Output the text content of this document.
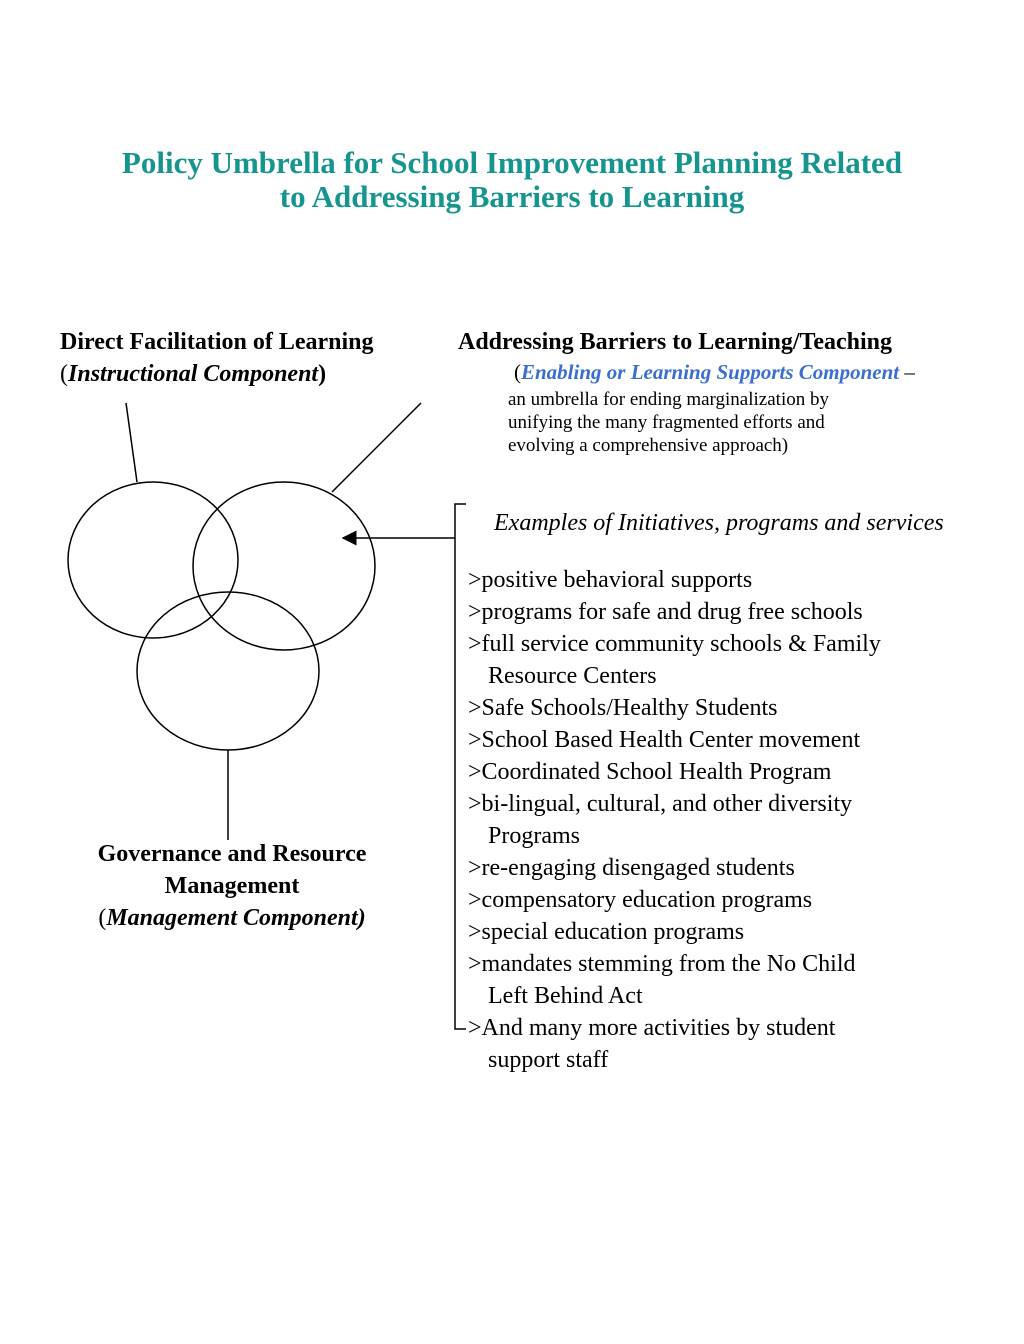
Policy Umbrella for School Improvement Planning Related
to Addressing Barriers to Learning
Direct Facilitation of Learning
(Instructional Component)
Addressing Barriers to Learning/Teaching
(Enabling or Learning Supports Component –
an umbrella for ending marginalization by
unifying the many fragmented efforts and
evolving a comprehensive approach)
Governance and Resource
Management
(Management Component)
Examples of Initiatives, programs and services
>positive behavioral supports
>programs for safe and drug free schools
>full service community schools & Family
Resource Centers
>Safe Schools/Healthy Students
>School Based Health Center movement
>Coordinated School Health Program
>bi-lingual, cultural, and other diversity
Programs
>re-engaging disengaged students
>compensatory education programs
>special education programs
>mandates stemming from the No Child
Left Behind Act
>And many more activities by student
support staff
